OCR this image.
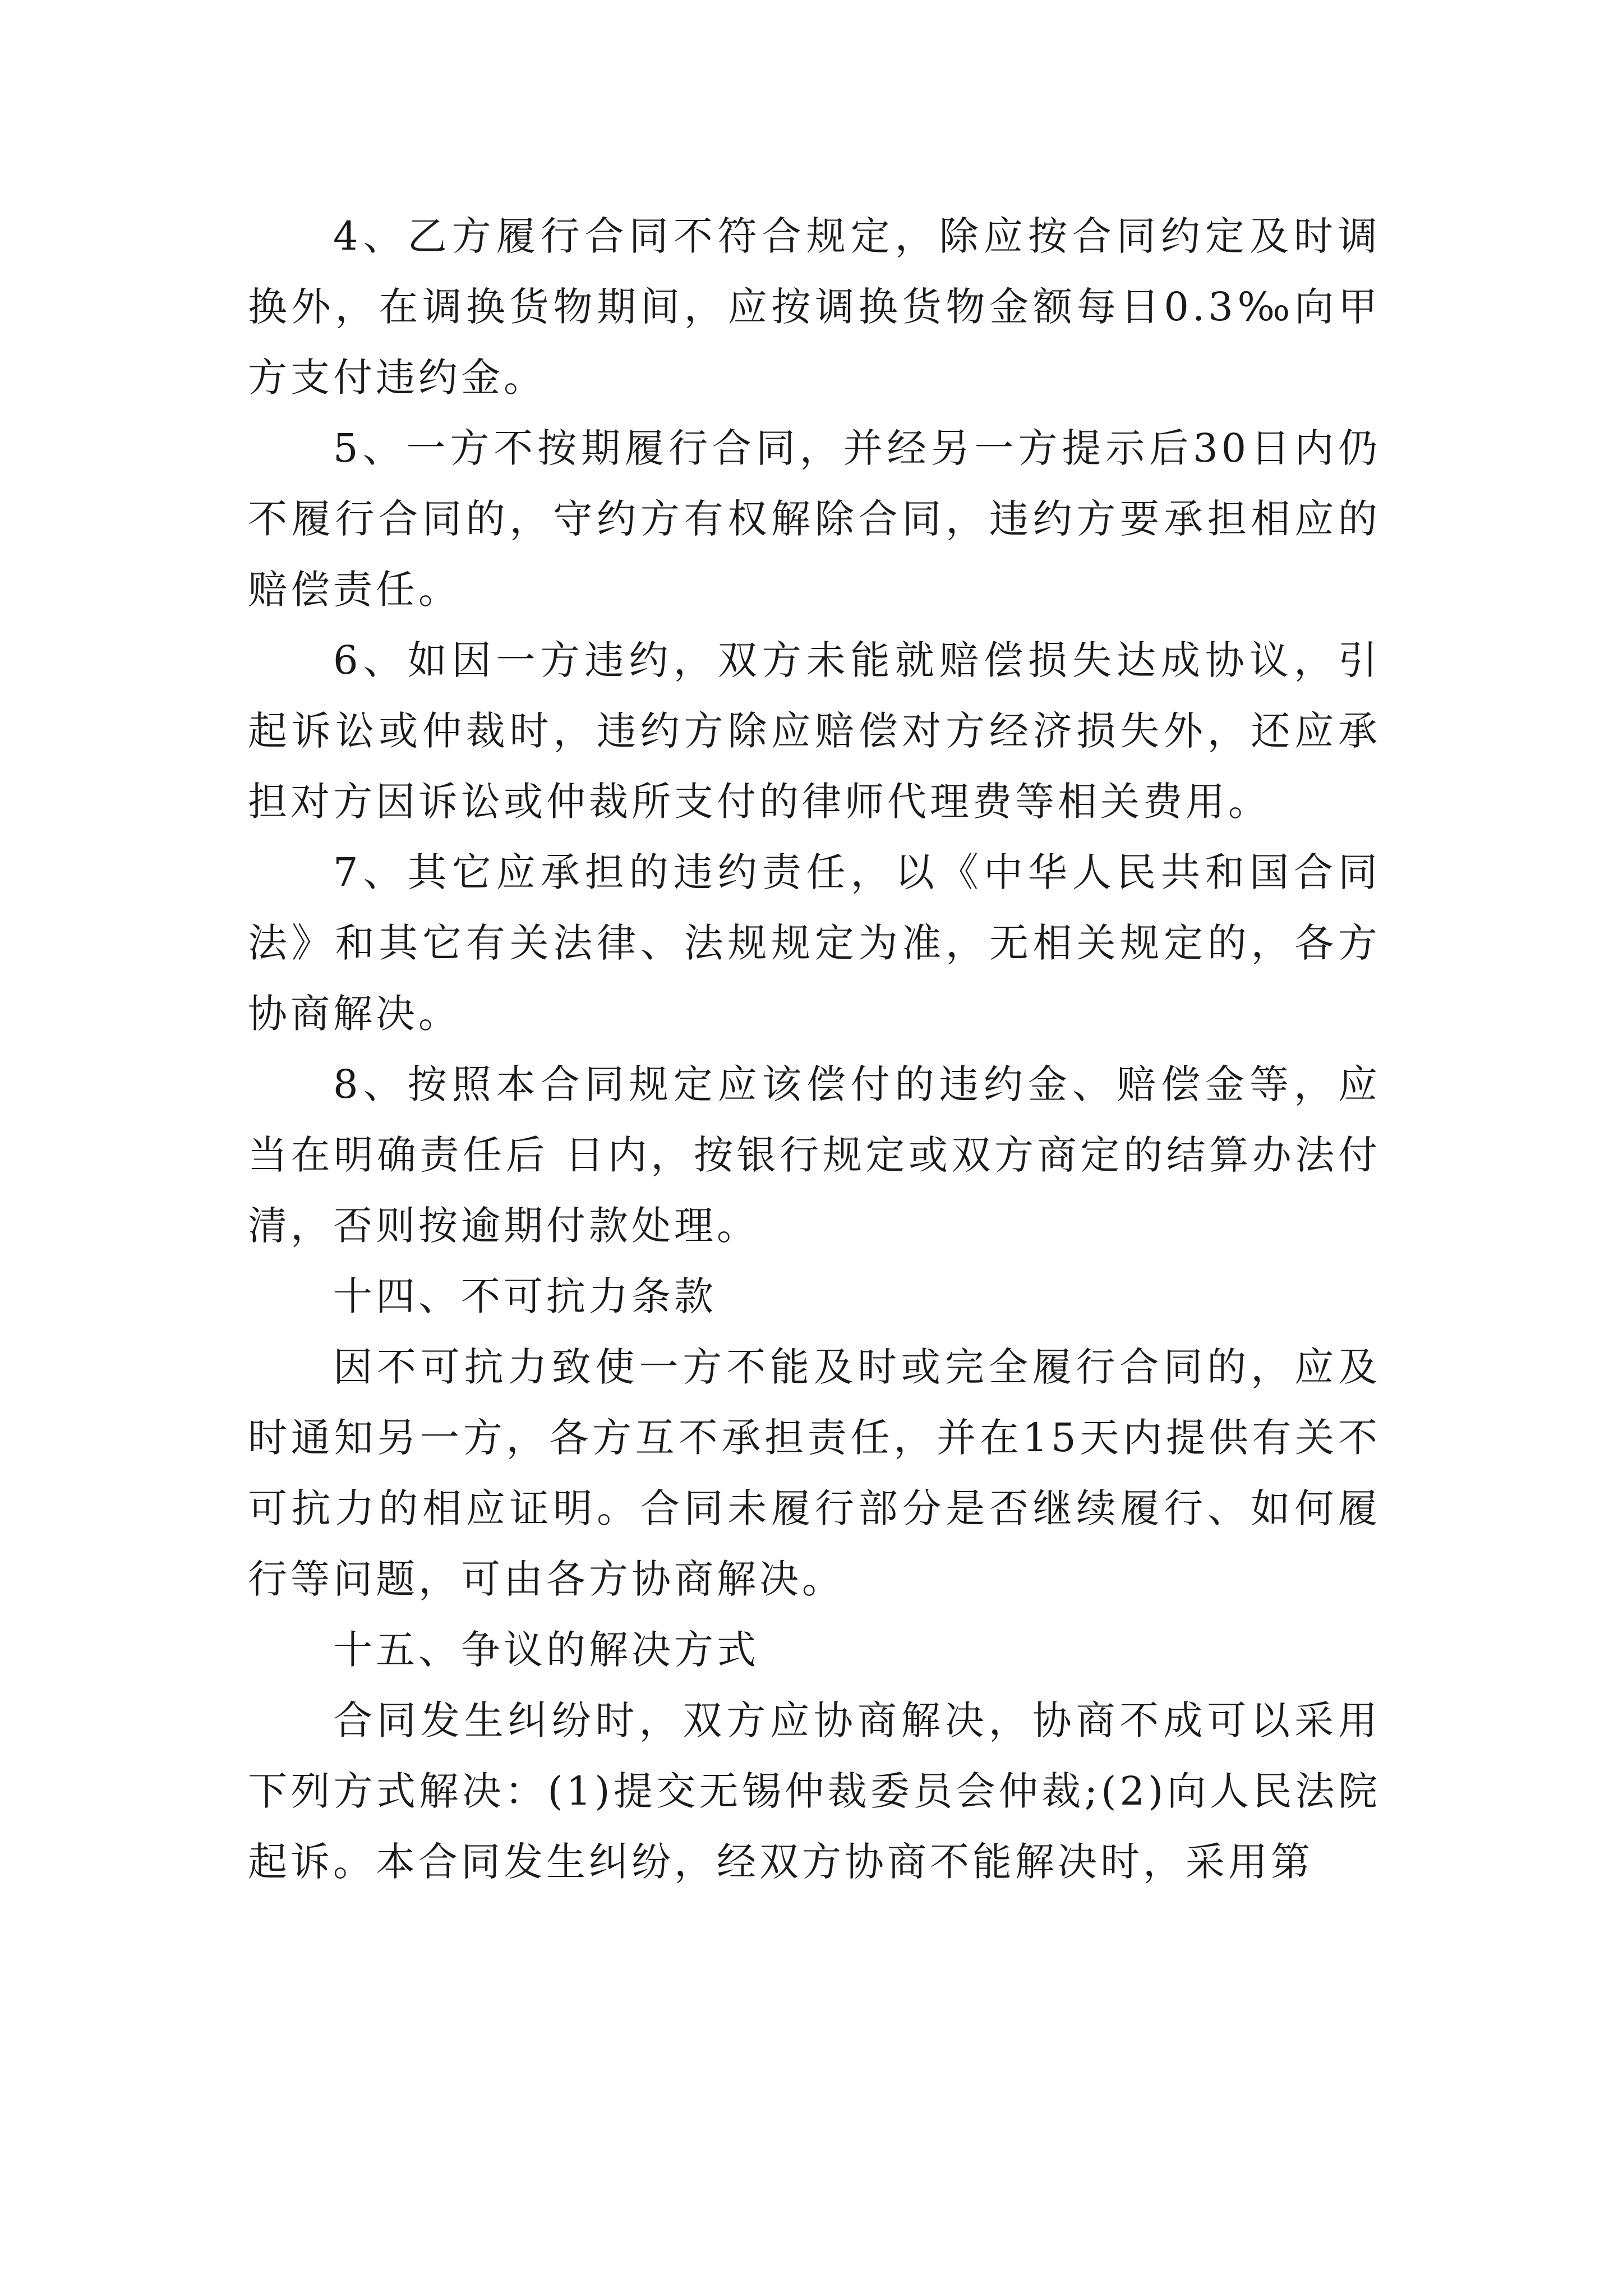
4、乙方履行合同不符合规定，除应按合同约定及时调换外，在调换货物期间，应按调换货物金额每日0.3‰向甲方支付违约金。

5、一方不按期履行合同，并经另一方提示后30日内仍不履行合同的，守约方有权解除合同，违约方要承担相应的赔偿责任。

6、如因一方违约，双方未能就赔偿损失达成协议，引起诉讼或仲裁时，违约方除应赔偿对方经济损失外，还应承担对方因诉讼或仲裁所支付的律师代理费等相关费用。

7、其它应承担的违约责任，以《中华人民共和国合同法》和其它有关法律、法规规定为准，无相关规定的，各方协商解决。

8、按照本合同规定应该偿付的违约金、赔偿金等，应当在明确责任后 日内，按银行规定或双方商定的结算办法付清，否则按逾期付款处理。

十四、不可抗力条款

因不可抗力致使一方不能及时或完全履行合同的，应及时通知另一方，各方互不承担责任，并在15天内提供有关不可抗力的相应证明。合同未履行部分是否继续履行、如何履行等问题，可由各方协商解决。

十五、争议的解决方式

合同发生纠纷时，双方应协商解决，协商不成可以采用下列方式解决：(1)提交无锡仲裁委员会仲裁;(2)向人民法院起诉。本合同发生纠纷，经双方协商不能解决时，采用第
